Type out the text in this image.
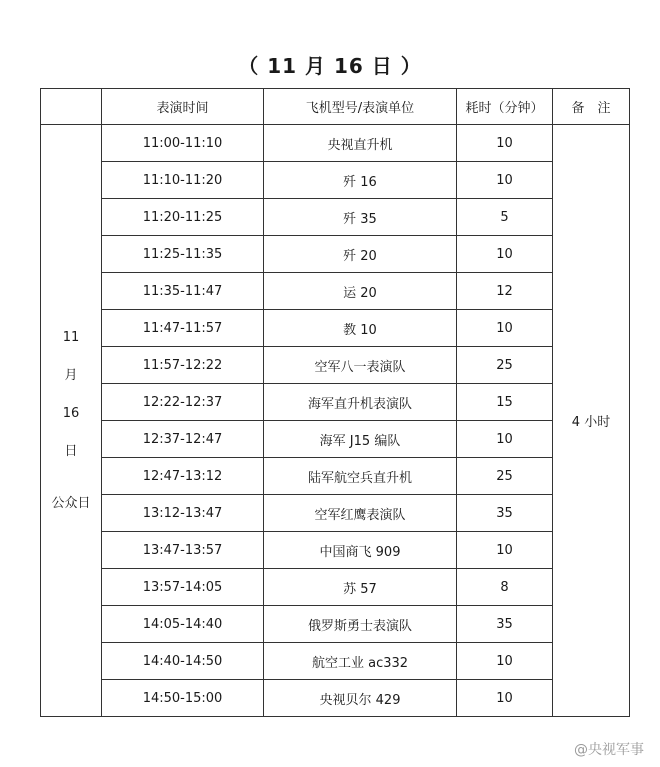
（ 11 月 16 日 ）
	表演时间	飞机型号/表演单位	耗时（分钟）	备　注

11
月
16
日
公众日	11:00-11:10	央视直升机	10	4 小时
	11:10-11:20	歼 16	10	
	11:20-11:25	歼 35	5	
	11:25-11:35	歼 20	10	
	11:35-11:47	运 20	12	
	11:47-11:57	教 10	10	
	11:57-12:22	空军八一表演队	25	
	12:22-12:37	海军直升机表演队	15	
	12:37-12:47	海军 J15 编队	10	
	12:47-13:12	陆军航空兵直升机	25	
	13:12-13:47	空军红鹰表演队	35	
	13:47-13:57	中国商飞 909	10	
	13:57-14:05	苏 57	8	
	14:05-14:40	俄罗斯勇士表演队	35	
	14:40-14:50	航空工业 ac332	10	
	14:50-15:00	央视贝尔 429	10	
@央视军事
